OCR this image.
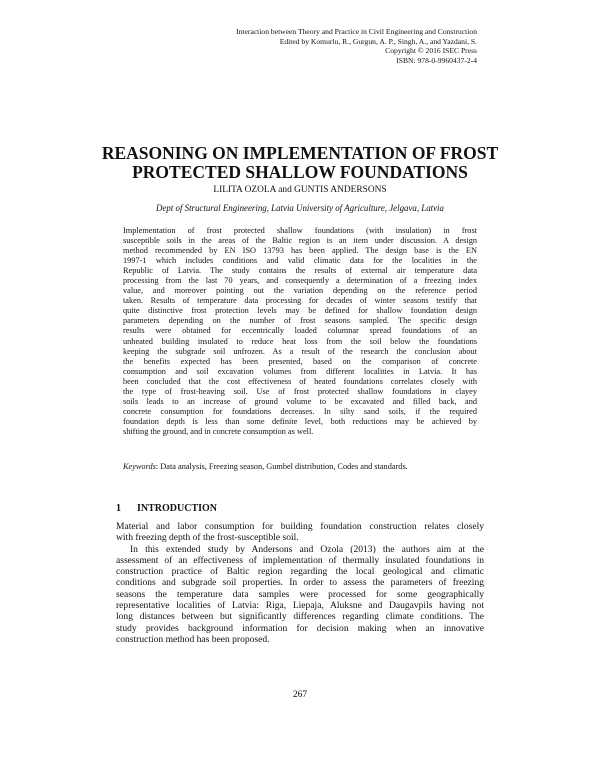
Interaction between Theory and Practice in Civil Engineering and Construction
Edited by Komurlu, R., Gurgun, A. P., Singh, A., and Yazdani, S.
Copyright © 2016 ISEC Press
ISBN: 978-0-9960437-2-4
REASONING ON IMPLEMENTATION OF FROST
PROTECTED SHALLOW FOUNDATIONS
LILITA OZOLA and GUNTIS ANDERSONS
Dept of Structural Engineering, Latvia University of Agriculture, Jelgava, Latvia
Implementation of frost protected shallow foundations (with insulation) in frost
susceptible soils in the areas of the Baltic region is an item under discussion. A design
method recommended by EN ISO 13793 has been applied. The design base is the EN
1997-1 which includes conditions and valid climatic data for the localities in the
Republic of Latvia. The study contains the results of external air temperature data
processing from the last 70 years, and consequently a determination of a freezing index
value, and moreover pointing out the variation depending on the reference period
taken. Results of temperature data processing for decades of winter seasons testify that
quite distinctive frost protection levels may be defined for shallow foundation design
parameters depending on the number of frost seasons sampled. The specific design
results were obtained for eccentrically loaded columnar spread foundations of an
unheated building insulated to reduce heat loss from the soil below the foundations
keeping the subgrade soil unfrozen. As a result of the research the conclusion about
the benefits expected has been presented, based on the comparison of concrete
consumption and soil excavation volumes from different localities in Latvia. It has
been concluded that the cost effectiveness of heated foundations correlates closely with
the type of frost-heaving soil. Use of frost protected shallow foundations in clayey
soils leads to an increase of ground volume to be excavated and filled back, and
concrete consumption for foundations decreases. In silty sand soils, if the required
foundation depth is less than some definite level, both reductions may be achieved by
shifting the ground, and in concrete consumption as well.
Keywords: Data analysis, Freezing season, Gumbel distribution, Codes and standards.
1 INTRODUCTION
Material and labor consumption for building foundation construction relates closely
with freezing depth of the frost-susceptible soil.
In this extended study by Andersons and Ozola (2013) the authors aim at the
assessment of an effectiveness of implementation of thermally insulated foundations in
construction practice of Baltic region regarding the local geological and climatic
conditions and subgrade soil properties. In order to assess the parameters of freezing
seasons the temperature data samples were processed for some geographically
representative localities of Latvia: Riga, Liepaja, Aluksne and Daugavpils having not
long distances between but significantly differences regarding climate conditions. The
study provides background information for decision making when an innovative
construction method has been proposed.
267
